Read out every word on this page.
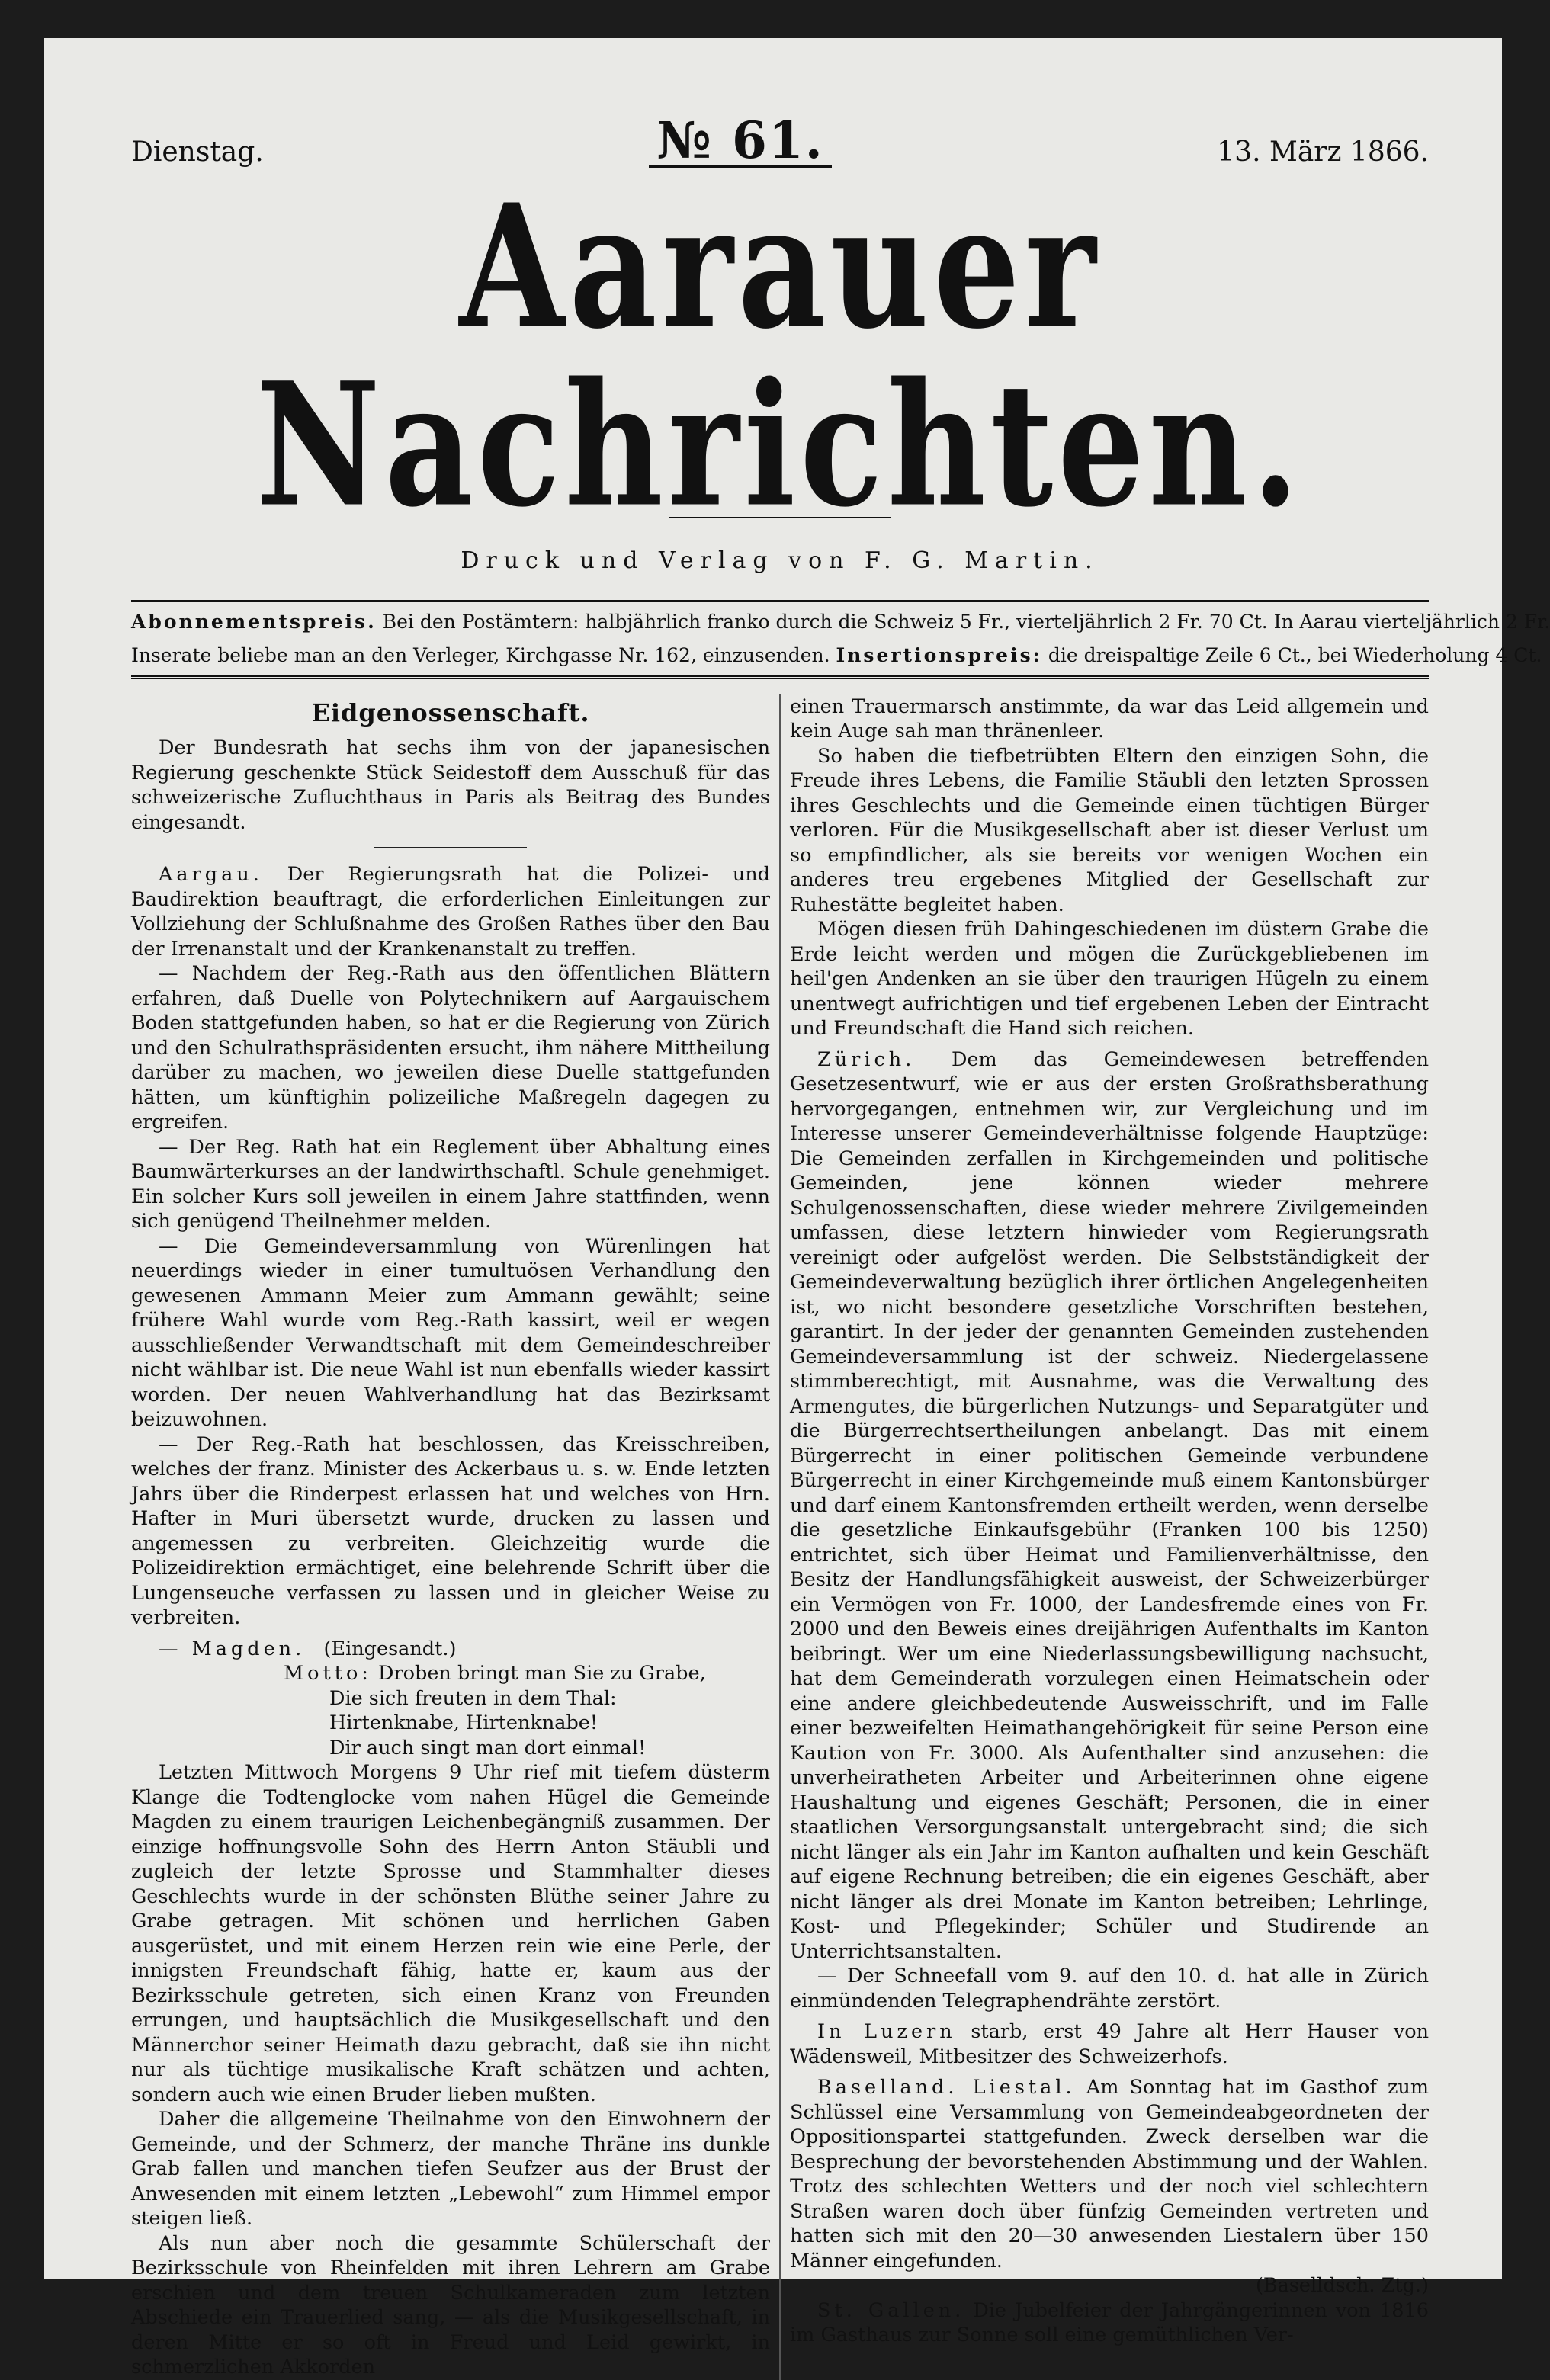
Dienstag.	№ 61.	13. März 1866.
Aarauer Nachrichten.
Druck und Verlag von F. G. Martin.
Abonnementspreis. Bei den Postämtern: halbjährlich franko durch die Schweiz 5 Fr., vierteljährlich 2 Fr. 70 Ct. In Aarau vierteljährlich 2 Fr.
Inserate beliebe man an den Verleger, Kirchgasse Nr. 162, einzusenden. Insertionspreis: die dreispaltige Zeile 6 Ct., bei Wiederholung 4 Ct.
Eidgenossenschaft.

Der Bundesrath hat sechs ihm von der japanesischen Regierung geschenkte Stück Seidestoff dem Ausschuß für das schweizerische Zufluchthaus in Paris als Beitrag des Bundes eingesandt.

Aargau. Der Regierungsrath hat die Polizei- und Baudirektion beauftragt, die erforderlichen Einleitungen zur Vollziehung der Schlußnahme des Großen Rathes über den Bau der Irrenanstalt und der Krankenanstalt zu treffen.

— Nachdem der Reg.-Rath aus den öffentlichen Blättern erfahren, daß Duelle von Polytechnikern auf Aargauischem Boden stattgefunden haben, so hat er die Regierung von Zürich und den Schulrathspräsidenten ersucht, ihm nähere Mittheilung darüber zu machen, wo jeweilen diese Duelle stattgefunden hätten, um künftighin polizeiliche Maßregeln dagegen zu ergreifen.

— Der Reg. Rath hat ein Reglement über Abhaltung eines Baumwärterkurses an der landwirthschaftl. Schule genehmiget. Ein solcher Kurs soll jeweilen in einem Jahre stattfinden, wenn sich genügend Theilnehmer melden.

— Die Gemeindeversammlung von Würenlingen hat neuerdings wieder in einer tumultuösen Verhandlung den gewesenen Ammann Meier zum Ammann gewählt; seine frühere Wahl wurde vom Reg.-Rath kassirt, weil er wegen ausschließender Verwandtschaft mit dem Gemeindeschreiber nicht wählbar ist. Die neue Wahl ist nun ebenfalls wieder kassirt worden. Der neuen Wahlverhandlung hat das Bezirksamt beizuwohnen.

— Der Reg.-Rath hat beschlossen, das Kreisschreiben, welches der franz. Minister des Ackerbaus u. s. w. Ende letzten Jahrs über die Rinderpest erlassen hat und welches von Hrn. Hafter in Muri übersetzt wurde, drucken zu lassen und angemessen zu verbreiten. Gleichzeitig wurde die Polizeidirektion ermächtiget, eine belehrende Schrift über die Lungenseuche verfassen zu lassen und in gleicher Weise zu verbreiten.

— Magden. (Eingesandt.)

Motto: Droben bringt man Sie zu Grabe,
Die sich freuten in dem Thal:
Hirtenknabe, Hirtenknabe!
Dir auch singt man dort einmal!

Letzten Mittwoch Morgens 9 Uhr rief mit tiefem düsterm Klange die Todtenglocke vom nahen Hügel die Gemeinde Magden zu einem traurigen Leichenbegängniß zusammen. Der einzige hoffnungsvolle Sohn des Herrn Anton Stäubli und zugleich der letzte Sprosse und Stammhalter dieses Geschlechts wurde in der schönsten Blüthe seiner Jahre zu Grabe getragen. Mit schönen und herrlichen Gaben ausgerüstet, und mit einem Herzen rein wie eine Perle, der innigsten Freundschaft fähig, hatte er, kaum aus der Bezirksschule getreten, sich einen Kranz von Freunden errungen, und hauptsächlich die Musikgesellschaft und den Männerchor seiner Heimath dazu gebracht, daß sie ihn nicht nur als tüchtige musikalische Kraft schätzen und achten, sondern auch wie einen Bruder lieben mußten.

Daher die allgemeine Theilnahme von den Einwohnern der Gemeinde, und der Schmerz, der manche Thräne ins dunkle Grab fallen und manchen tiefen Seufzer aus der Brust der Anwesenden mit einem letzten „Lebewohl“ zum Himmel empor steigen ließ.

Als nun aber noch die gesammte Schülerschaft der Bezirksschule von Rheinfelden mit ihren Lehrern am Grabe erschien und dem treuen Schulkameraden zum letzten Abschiede ein Trauerlied sang, — als die Musikgesellschaft, in deren Mitte er so oft in Freud und Leid gewirkt, in schmerzlichen Akkorden

einen Trauermarsch anstimmte, da war das Leid allgemein und kein Auge sah man thränenleer.

So haben die tiefbetrübten Eltern den einzigen Sohn, die Freude ihres Lebens, die Familie Stäubli den letzten Sprossen ihres Geschlechts und die Gemeinde einen tüchtigen Bürger verloren. Für die Musikgesellschaft aber ist dieser Verlust um so empfindlicher, als sie bereits vor wenigen Wochen ein anderes treu ergebenes Mitglied der Gesellschaft zur Ruhestätte begleitet haben.

Mögen diesen früh Dahingeschiedenen im düstern Grabe die Erde leicht werden und mögen die Zurückgebliebenen im heil'gen Andenken an sie über den traurigen Hügeln zu einem unentwegt aufrichtigen und tief ergebenen Leben der Eintracht und Freundschaft die Hand sich reichen.

Zürich. Dem das Gemeindewesen betreffenden Gesetzesentwurf, wie er aus der ersten Großrathsberathung hervorgegangen, entnehmen wir, zur Vergleichung und im Interesse unserer Gemeindeverhältnisse folgende Hauptzüge: Die Gemeinden zerfallen in Kirchgemeinden und politische Gemeinden, jene können wieder mehrere Schulgenossenschaften, diese wieder mehrere Zivilgemeinden umfassen, diese letztern hinwieder vom Regierungsrath vereinigt oder aufgelöst werden. Die Selbstständigkeit der Gemeindeverwaltung bezüglich ihrer örtlichen Angelegenheiten ist, wo nicht besondere gesetzliche Vorschriften bestehen, garantirt. In der jeder der genannten Gemeinden zustehenden Gemeindeversammlung ist der schweiz. Niedergelassene stimmberechtigt, mit Ausnahme, was die Verwaltung des Armengutes, die bürgerlichen Nutzungs- und Separatgüter und die Bürgerrechtsertheilungen anbelangt. Das mit einem Bürgerrecht in einer politischen Gemeinde verbundene Bürgerrecht in einer Kirchgemeinde muß einem Kantonsbürger und darf einem Kantonsfremden ertheilt werden, wenn derselbe die gesetzliche Einkaufsgebühr (Franken 100 bis 1250) entrichtet, sich über Heimat und Familienverhältnisse, den Besitz der Handlungsfähigkeit ausweist, der Schweizerbürger ein Vermögen von Fr. 1000, der Landesfremde eines von Fr. 2000 und den Beweis eines dreijährigen Aufenthalts im Kanton beibringt. Wer um eine Niederlassungsbewilligung nachsucht, hat dem Gemeinderath vorzulegen einen Heimatschein oder eine andere gleichbedeutende Ausweisschrift, und im Falle einer bezweifelten Heimathangehörigkeit für seine Person eine Kaution von Fr. 3000. Als Aufenthalter sind anzusehen: die unverheiratheten Arbeiter und Arbeiterinnen ohne eigene Haushaltung und eigenes Geschäft; Personen, die in einer staatlichen Versorgungsanstalt untergebracht sind; die sich nicht länger als ein Jahr im Kanton aufhalten und kein Geschäft auf eigene Rechnung betreiben; die ein eigenes Geschäft, aber nicht länger als drei Monate im Kanton betreiben; Lehrlinge, Kost- und Pflegekinder; Schüler und Studirende an Unterrichtsanstalten.

— Der Schneefall vom 9. auf den 10. d. hat alle in Zürich einmündenden Telegraphendrähte zerstört.

In Luzern starb, erst 49 Jahre alt Herr Hauser von Wädensweil, Mitbesitzer des Schweizerhofs.

Baselland. Liestal. Am Sonntag hat im Gasthof zum Schlüssel eine Versammlung von Gemeindeabgeordneten der Oppositionspartei stattgefunden. Zweck derselben war die Besprechung der bevorstehenden Abstimmung und der Wahlen. Trotz des schlechten Wetters und der noch viel schlechtern Straßen waren doch über fünfzig Gemeinden vertreten und hatten sich mit den 20—30 anwesenden Liestalern über 150 Männer eingefunden.

(Baselldsch. Ztg.)

St. Gallen. Die Jubelfeier der Jahrgängerinnen von 1816 im Gasthaus zur Sonne soll eine gemüthlichen Ver-
